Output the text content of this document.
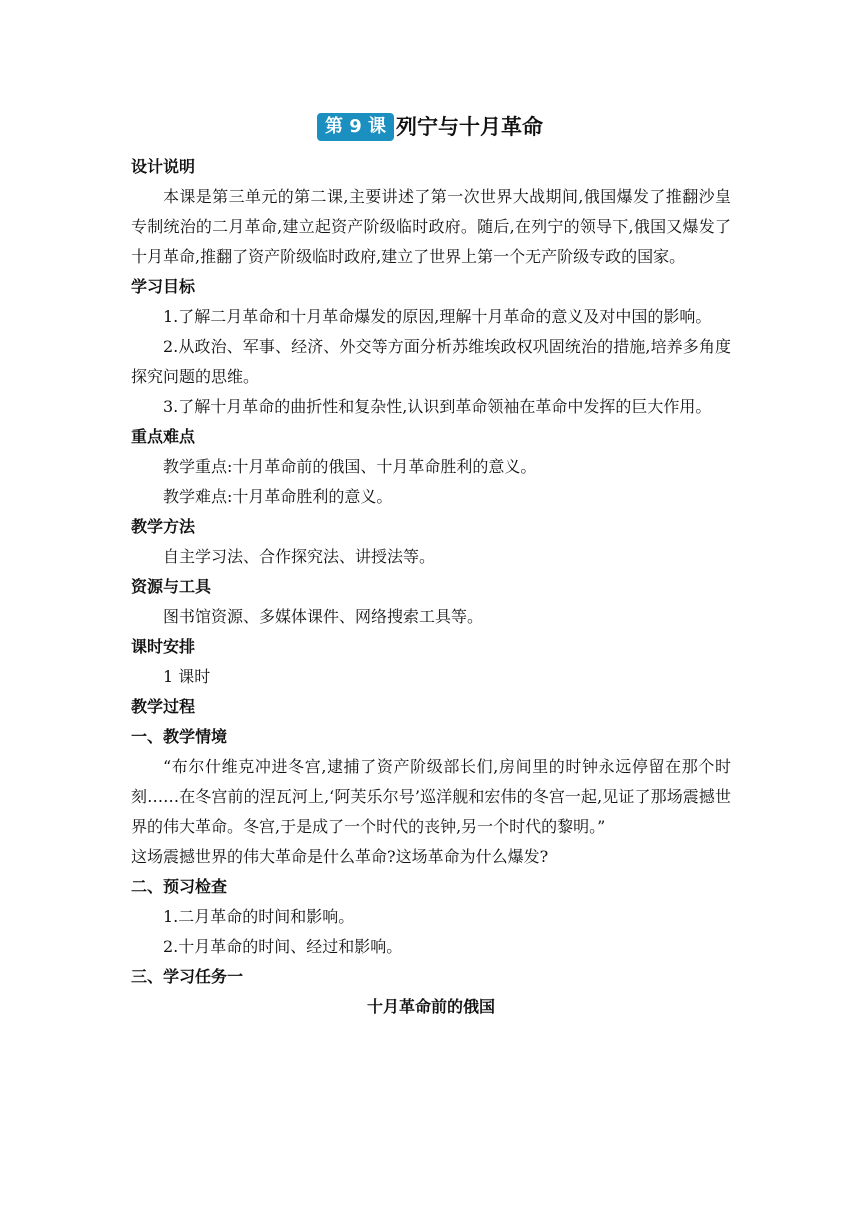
第 9 课 列宁与十月革命
设计说明
本课是第三单元的第二课,主要讲述了第一次世界大战期间,俄国爆发了推翻沙皇专制统治的二月革命,建立起资产阶级临时政府。随后,在列宁的领导下,俄国又爆发了十月革命,推翻了资产阶级临时政府,建立了世界上第一个无产阶级专政的国家。
学习目标
1.了解二月革命和十月革命爆发的原因,理解十月革命的意义及对中国的影响。
2.从政治、军事、经济、外交等方面分析苏维埃政权巩固统治的措施,培养多角度探究问题的思维。
3.了解十月革命的曲折性和复杂性,认识到革命领袖在革命中发挥的巨大作用。
重点难点
教学重点:十月革命前的俄国、十月革命胜利的意义。
教学难点:十月革命胜利的意义。
教学方法
自主学习法、合作探究法、讲授法等。
资源与工具
图书馆资源、多媒体课件、网络搜索工具等。
课时安排
1 课时
教学过程
一、教学情境
“布尔什维克冲进冬宫,逮捕了资产阶级部长们,房间里的时钟永远停留在那个时刻……在冬宫前的涅瓦河上,‘阿芙乐尔号’巡洋舰和宏伟的冬宫一起,见证了那场震撼世界的伟大革命。冬宫,于是成了一个时代的丧钟,另一个时代的黎明。”
这场震撼世界的伟大革命是什么革命?这场革命为什么爆发?
二、预习检查
1.二月革命的时间和影响。
2.十月革命的时间、经过和影响。
三、学习任务一
十月革命前的俄国
